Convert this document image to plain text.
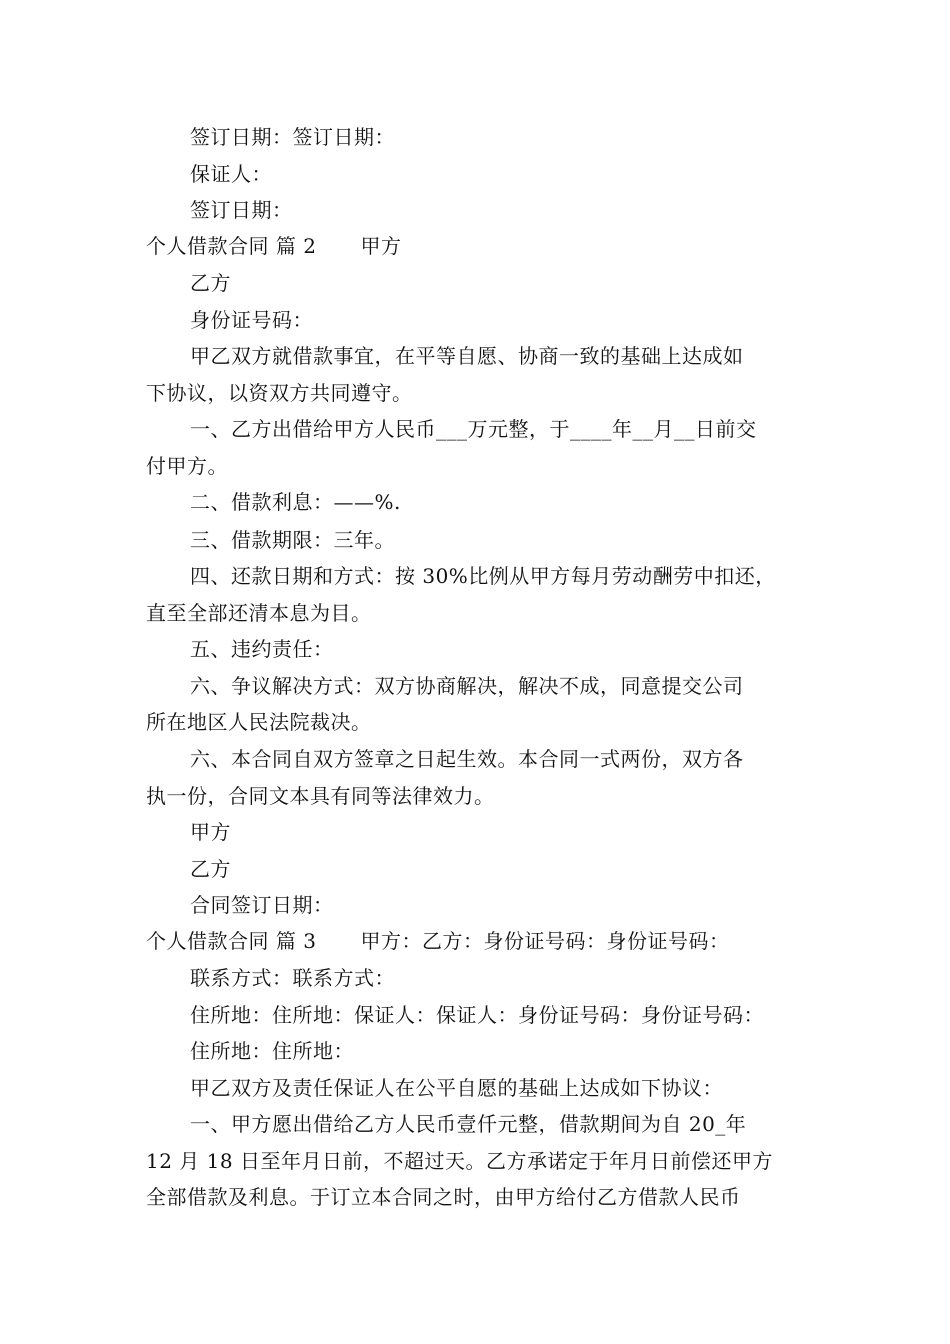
签订日期：签订日期：
保证人：
签订日期：
个人借款合同 篇 2 甲方
乙方
身份证号码：
甲乙双方就借款事宜，在平等自愿、协商一致的基础上达成如
下协议，以资双方共同遵守。
一、乙方出借给甲方人民币___万元整，于____年__月__日前交
付甲方。
二、借款利息：——%.
三、借款期限：三年。
四、还款日期和方式：按 30%比例从甲方每月劳动酬劳中扣还，
直至全部还清本息为目。
五、违约责任：
六、争议解决方式：双方协商解决，解决不成，同意提交公司
所在地区人民法院裁决。
六、本合同自双方签章之日起生效。本合同一式两份，双方各
执一份，合同文本具有同等法律效力。
甲方
乙方
合同签订日期：
个人借款合同 篇 3 甲方：乙方：身份证号码：身份证号码：
联系方式：联系方式：
住所地：住所地：保证人：保证人：身份证号码：身份证号码：
住所地：住所地：
甲乙双方及责任保证人在公平自愿的基础上达成如下协议：
一、甲方愿出借给乙方人民币壹仟元整，借款期间为自 20_年
12 月 18 日至年月日前，不超过天。乙方承诺定于年月日前偿还甲方
全部借款及利息。于订立本合同之时，由甲方给付乙方借款人民币
